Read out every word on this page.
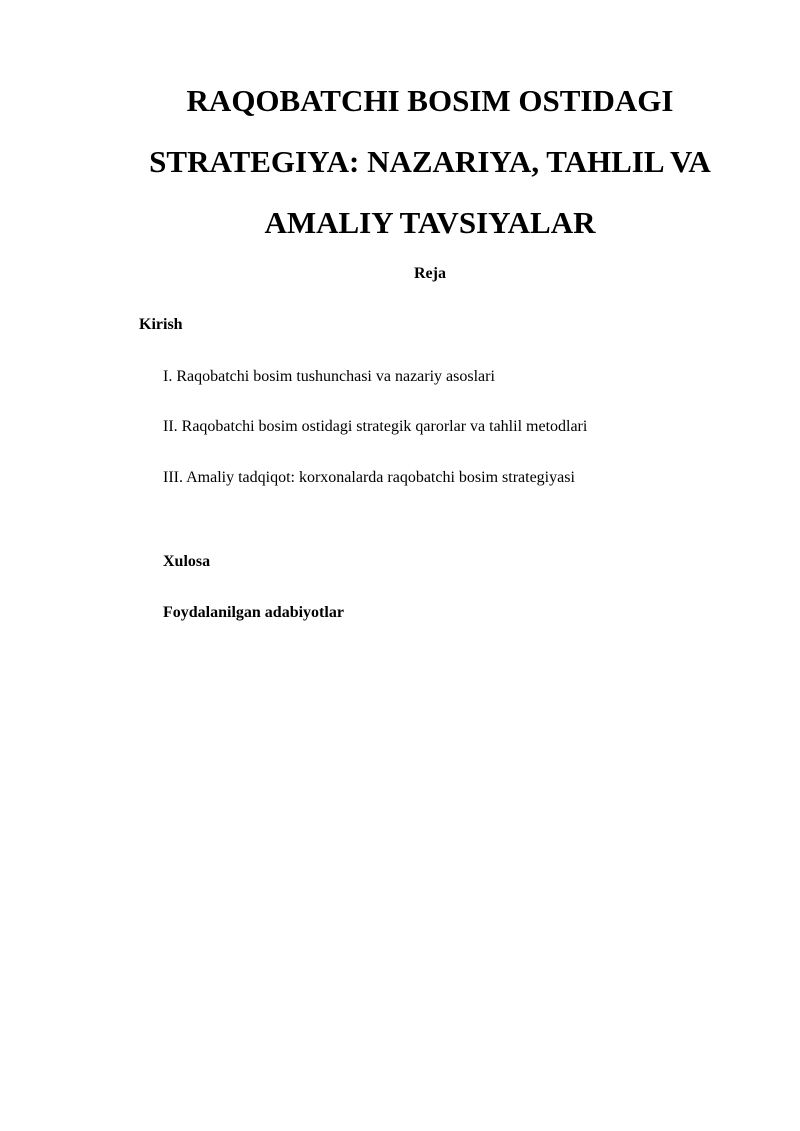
RAQOBATCHI BOSIM OSTIDAGI
STRATEGIYA: NAZARIYA, TAHLIL VA
AMALIY TAVSIYALAR
Reja
Kirish
I. Raqobatchi bosim tushunchasi va nazariy asoslari
II. Raqobatchi bosim ostidagi strategik qarorlar va tahlil metodlari
III. Amaliy tadqiqot: korxonalarda raqobatchi bosim strategiyasi
Xulosa
Foydalanilgan adabiyotlar
